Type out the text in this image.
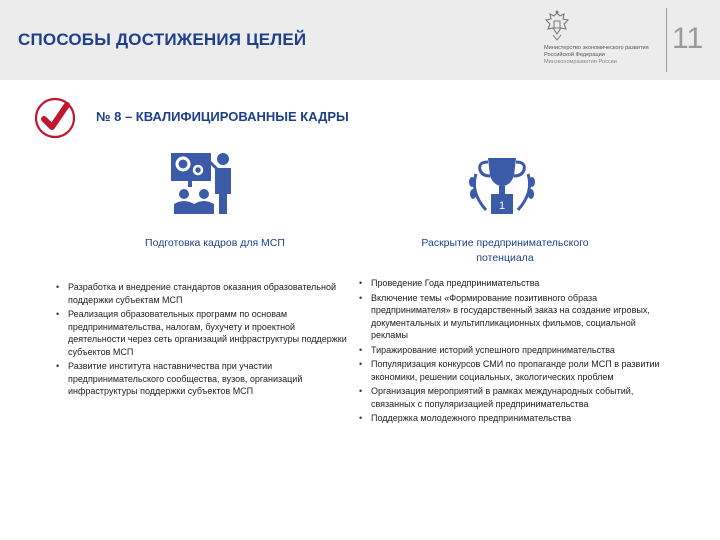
СПОСОБЫ ДОСТИЖЕНИЯ ЦЕЛЕЙ	Министерство экономического развития
Российской Федерации
Минэкономразвития России
11
№ 8 – КВАЛИФИЦИРОВАННЫЕ КАДРЫ
1
Подготовка кадров для МСП	Раскрытие предпринимательского
потенциала
• Разработка и внедрение стандартов оказания образовательной поддержки субъектам МСП
• Реализация образовательных программ по основам предпринимательства, налогам, бухучету и проектной деятельности через сеть организаций инфраструктуры поддержки субъектов МСП
• Развитие института наставничества при участии предпринимательского сообщества, вузов, организаций инфраструктуры поддержки субъектов МСП
• Проведение Года предпринимательства
• Включение темы «Формирование позитивного образа предпринимателя» в государственный заказ на создание игровых, документальных и мультипликационных фильмов, социальной рекламы
• Тиражирование историй успешного предпринимательства
• Популяризация конкурсов СМИ по пропаганде роли МСП в развитии экономики, решении социальных, экологических проблем
• Организация мероприятий в рамках международных событий, связанных с популяризацией предпринимательства
• Поддержка молодежного предпринимательства
